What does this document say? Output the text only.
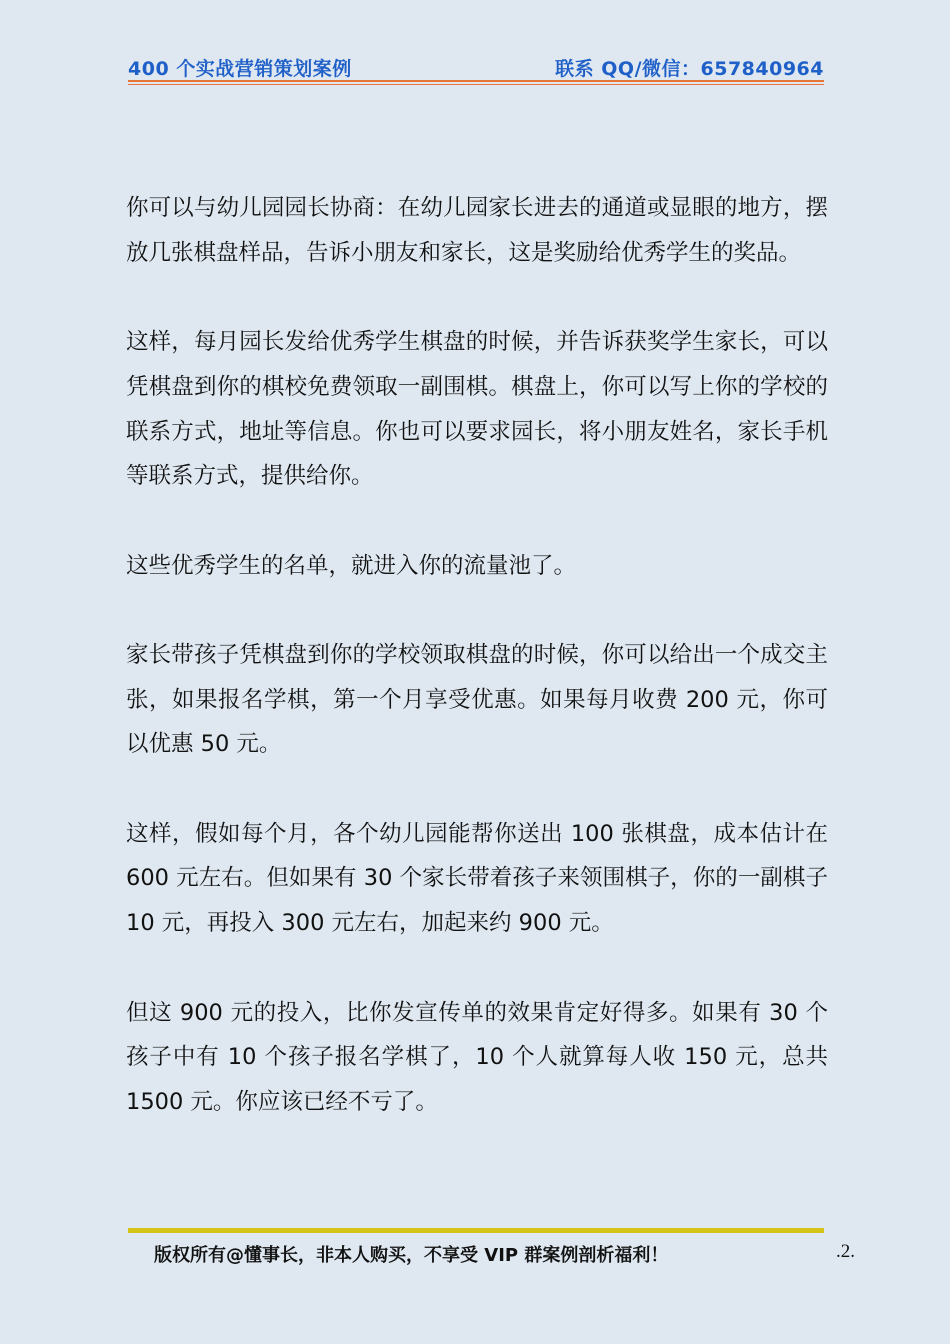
400 个实战营销策划案例	联系 QQ/微信：657840964

你可以与幼儿园园长协商：在幼儿园家长进去的通道或显眼的地方，摆放几张棋盘样品，告诉小朋友和家长，这是奖励给优秀学生的奖品。

这样，每月园长发给优秀学生棋盘的时候，并告诉获奖学生家长，可以凭棋盘到你的棋校免费领取一副围棋。棋盘上，你可以写上你的学校的联系方式，地址等信息。你也可以要求园长，将小朋友姓名，家长手机等联系方式，提供给你。

这些优秀学生的名单，就进入你的流量池了。

家长带孩子凭棋盘到你的学校领取棋盘的时候，你可以给出一个成交主张，如果报名学棋，第一个月享受优惠。如果每月收费 200 元，你可以优惠 50 元。

这样，假如每个月，各个幼儿园能帮你送出 100 张棋盘，成本估计在 600 元左右。但如果有 30 个家长带着孩子来领围棋子，你的一副棋子 10 元，再投入 300 元左右，加起来约 900 元。

但这 900 元的投入，比你发宣传单的效果肯定好得多。如果有 30 个孩子中有 10 个孩子报名学棋了，10 个人就算每人收 150 元，总共 1500 元。你应该已经不亏了。

版权所有@懂事长，非本人购买，不享受 VIP 群案例剖析福利！	.2.
